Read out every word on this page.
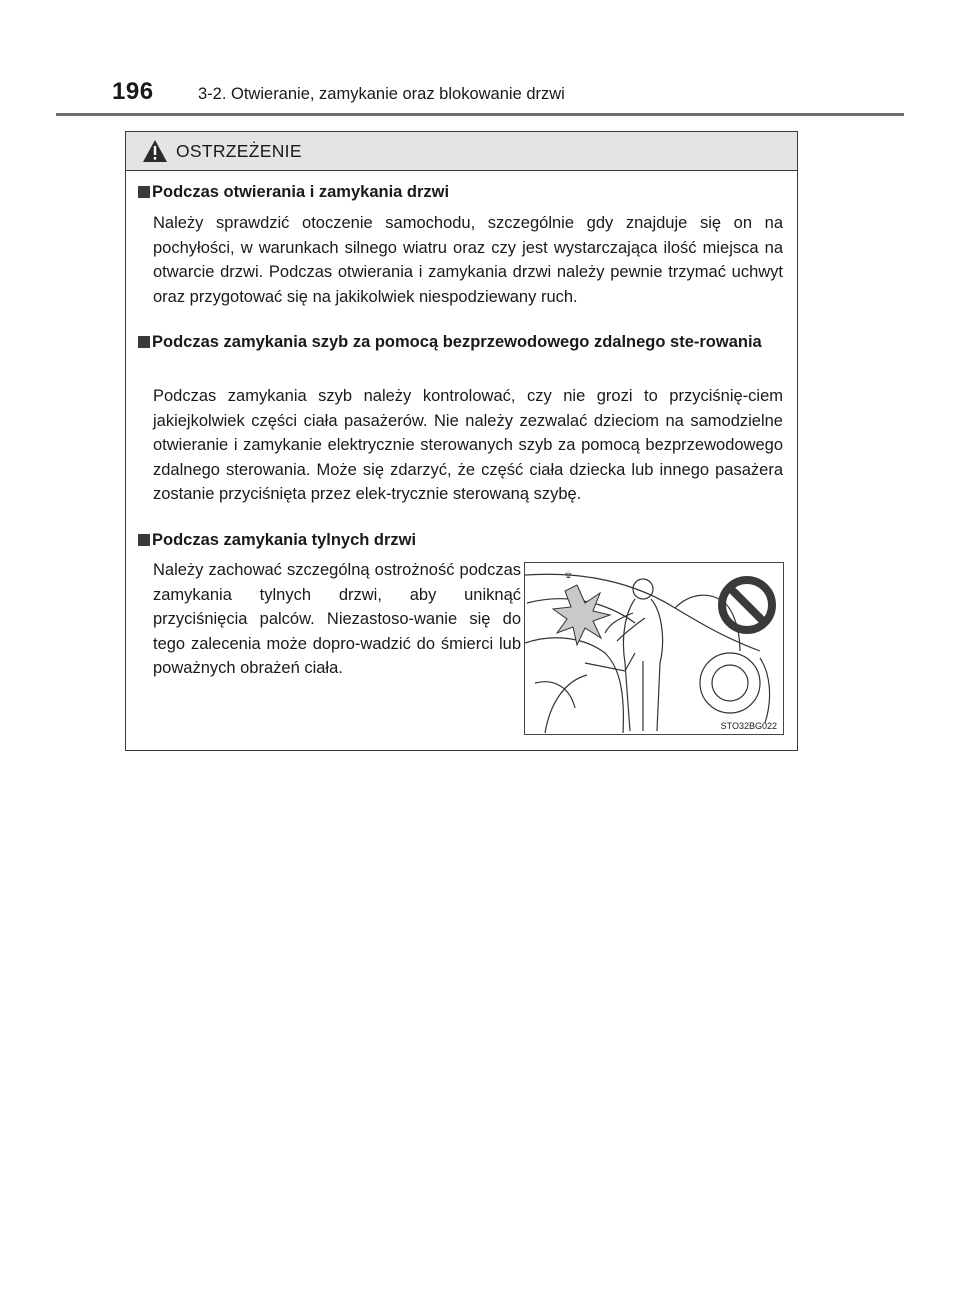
196	3-2. Otwieranie, zamykanie oraz blokowanie drzwi
OSTRZEŻENIE
Podczas otwierania i zamykania drzwi
Należy sprawdzić otoczenie samochodu, szczególnie gdy znajduje się on na pochyłości, w warunkach silnego wiatru oraz czy jest wystarczająca ilość miejsca na otwarcie drzwi. Podczas otwierania i zamykania drzwi należy pewnie trzymać uchwyt oraz przygotować się na jakikolwiek niespodziewany ruch.
Podczas zamykania szyb za pomocą bezprzewodowego zdalnego ste-rowania
Podczas zamykania szyb należy kontrolować, czy nie grozi to przyciśnię-ciem jakiejkolwiek części ciała pasażerów. Nie należy zezwalać dzieciom na samodzielne otwieranie i zamykanie elektrycznie sterowanych szyb za pomocą bezprzewodowego zdalnego sterowania. Może się zdarzyć, że część ciała dziecka lub innego pasażera zostanie przyciśnięta przez elek-trycznie sterowaną szybę.
Podczas zamykania tylnych drzwi
Należy zachować szczególną ostrożność podczas zamykania tylnych drzwi, aby uniknąć przyciśnięcia palców. Niezastoso-wanie się do tego zalecenia może dopro-wadzić do śmierci lub poważnych obrażeń ciała.
۩
STO32BG022
